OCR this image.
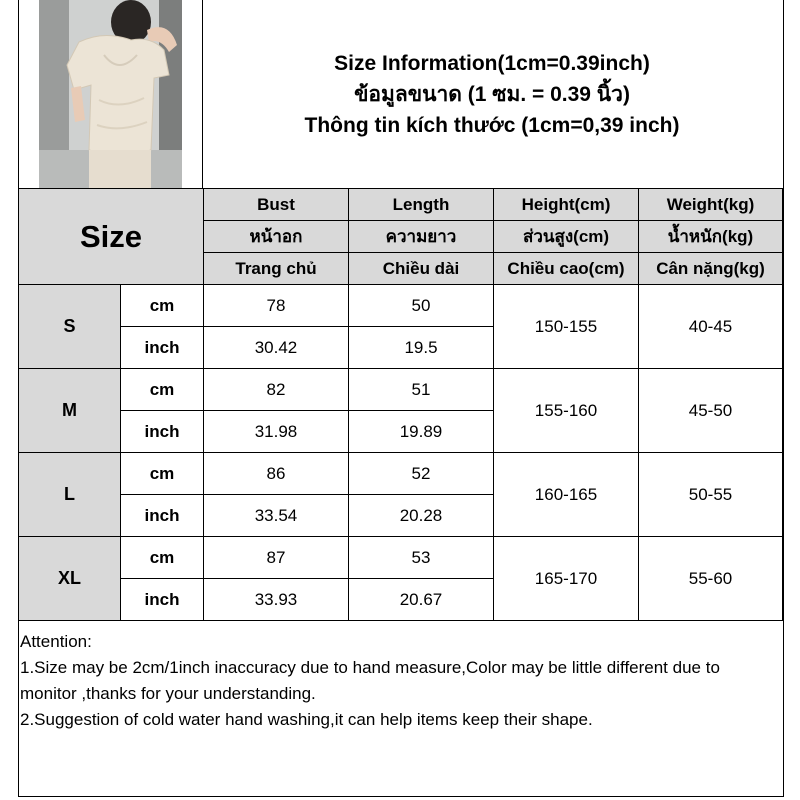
Size Information(1cm=0.39inch)
ข้อมูลขนาด (1 ซม. = 0.39 นิ้ว)
Thông tin kích thước (1cm=0,39 inch)
Size		Bust	Length	Height(cm)	Weight(kg)
		หน้าอก	ความยาว	ส่วนสูง(cm)	น้ำหนัก(kg)
		Trang chủ	Chiều dài	Chiều cao(cm)	Cân nặng(kg)
S	cm	78	50	150-155	40-45
	inch	30.42	19.5		
M	cm	82	51	155-160	45-50
	inch	31.98	19.89		
L	cm	86	52	160-165	50-55
	inch	33.54	20.28		
XL	cm	87	53	165-170	55-60
	inch	33.93	20.67		
Attention:
1.Size may be 2cm/1inch inaccuracy due to hand measure,Color may be little different due to monitor ,thanks for your understanding.
2.Suggestion of cold water hand washing,it can help items keep their shape.
